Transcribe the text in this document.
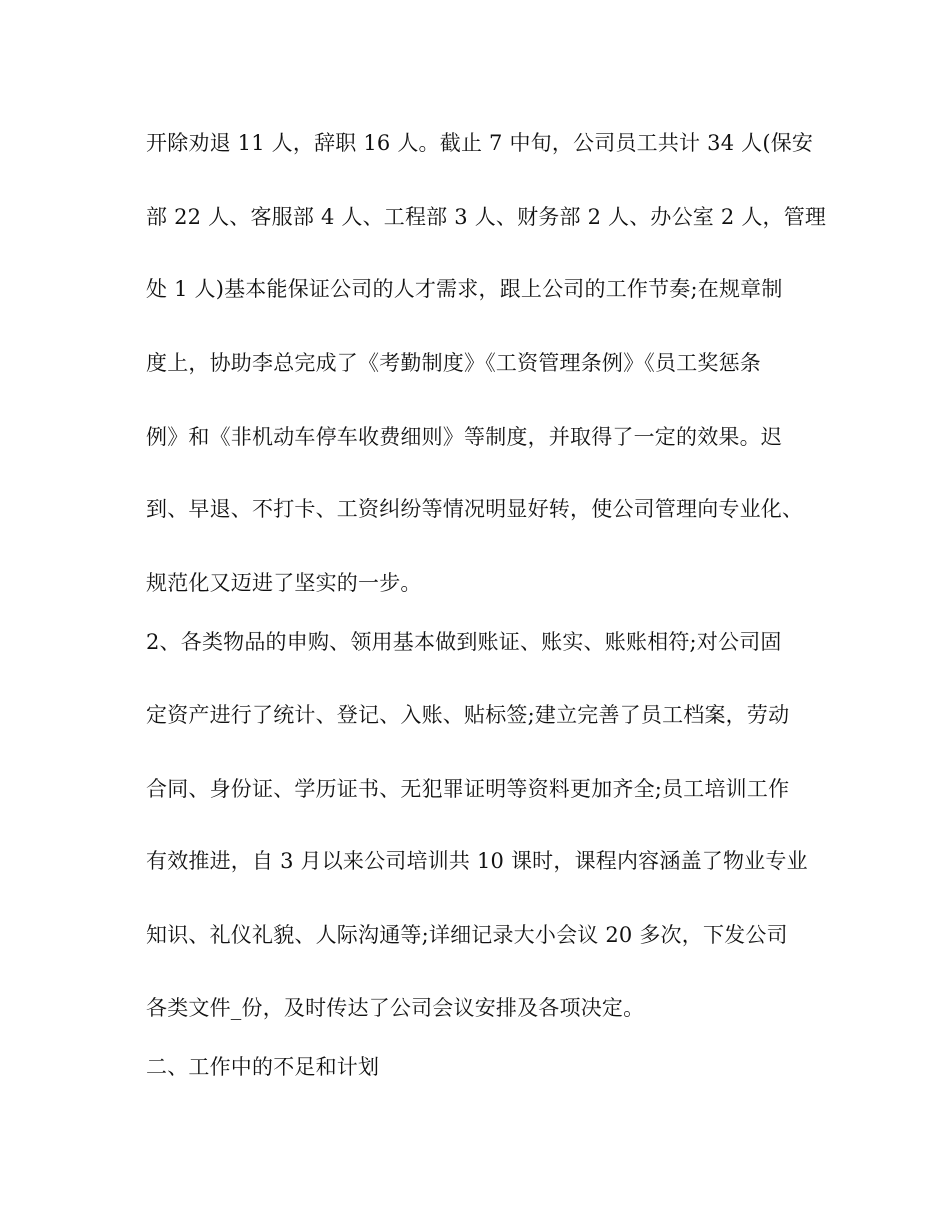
开除劝退 11 人，辞职 16 人。截止 7 中旬，公司员工共计 34 人(保安
部 22 人、客服部 4 人、工程部 3 人、财务部 2 人、办公室 2 人，管理
处 1 人)基本能保证公司的人才需求，跟上公司的工作节奏;在规章制
度上，协助李总完成了《考勤制度》《工资管理条例》《员工奖惩条
例》和《非机动车停车收费细则》等制度，并取得了一定的效果。迟
到、早退、不打卡、工资纠纷等情况明显好转，使公司管理向专业化、
规范化又迈进了坚实的一步。
2、各类物品的申购、领用基本做到账证、账实、账账相符;对公司固
定资产进行了统计、登记、入账、贴标签;建立完善了员工档案，劳动
合同、身份证、学历证书、无犯罪证明等资料更加齐全;员工培训工作
有效推进，自 3 月以来公司培训共 10 课时，课程内容涵盖了物业专业
知识、礼仪礼貌、人际沟通等;详细记录大小会议 20 多次，下发公司
各类文件_份，及时传达了公司会议安排及各项决定。
二、工作中的不足和计划
